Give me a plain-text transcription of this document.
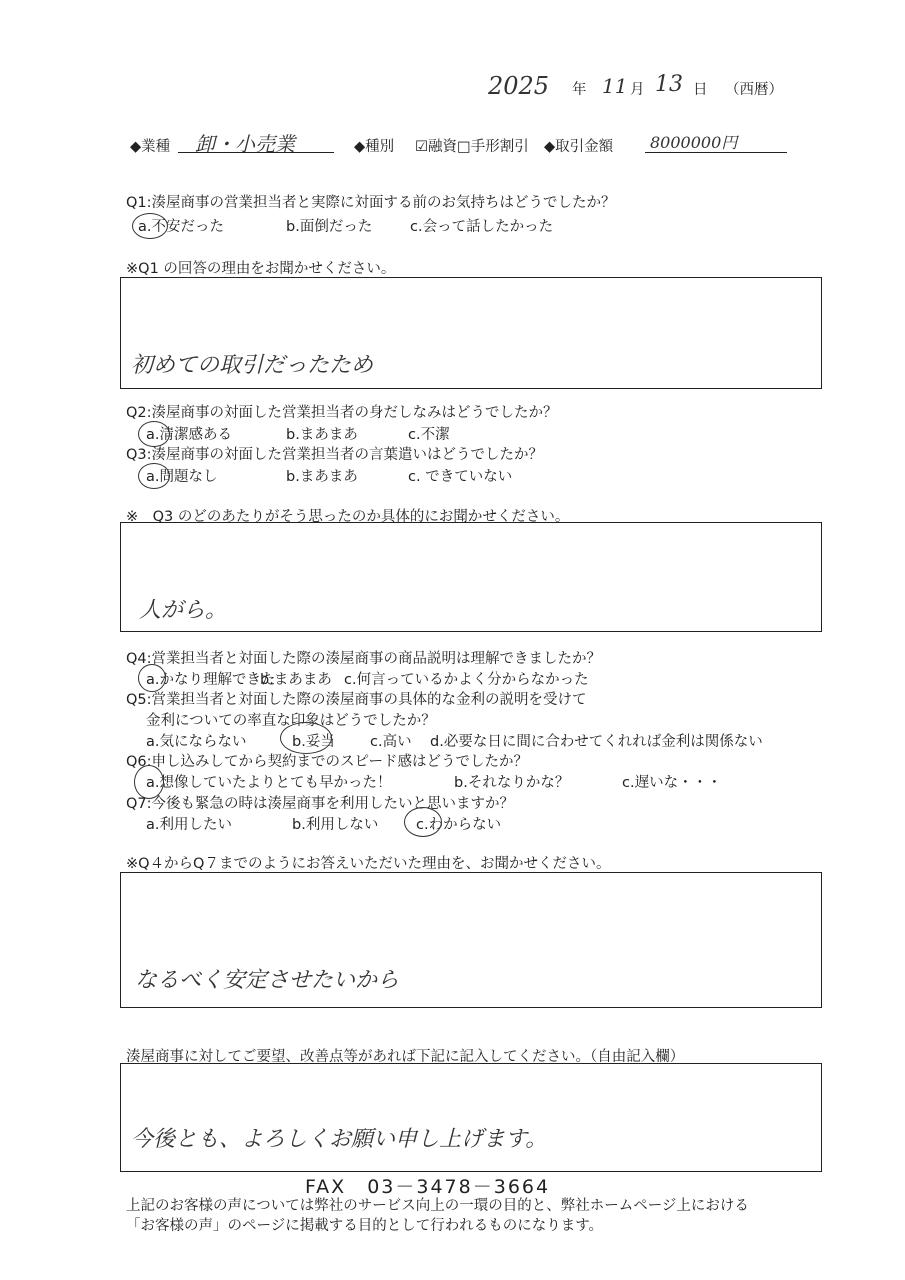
2025 年 11 月 13 日 （西暦）
◆業種 卸・小売業	◆種別 ☑融資□手形割引 ◆取引金額 8000000円
Q1:湊屋商事の営業担当者と実際に対面する前のお気持ちはどうでしたか？
a.不安だった	b.面倒だった	c.会って話したかった
※Q1 の回答の理由をお聞かせください。
初めての取引だったため
Q2:湊屋商事の対面した営業担当者の身だしなみはどうでしたか？
a.清潔感ある	b.まあまあ	c.不潔
Q3:湊屋商事の対面した営業担当者の言葉遣いはどうでしたか？
a.問題なし	b.まあまあ	c. できていない
※　Q3 のどのあたりがそう思ったのか具体的にお聞かせください。
人がら。
Q4:営業担当者と対面した際の湊屋商事の商品説明は理解できましたか？
a.かなり理解できた
b.まあまあ c.何言っているかよく分からなかった
Q5:営業担当者と対面した際の湊屋商事の具体的な金利の説明を受けて
金利についての率直な印象はどうでしたか？
a.気にならない	b.妥当 c.高い d.必要な日に間に合わせてくれれば金利は関係ない
Q6:申し込みしてから契約までのスピード感はどうでしたか？
a.想像していたよりとても早かった！	b.それなりかな？	c.遅いな・・・
Q7:今後も緊急の時は湊屋商事を利用したいと思いますか？
a.利用したい	b.利用しない	c.わからない
※Q４からQ７までのようにお答えいただいた理由を、お聞かせください。
なるべく安定させたいから
湊屋商事に対してご要望、改善点等があれば下記に記入してください。（自由記入欄）
今後とも、よろしくお願い申し上げます。
FAX　03－3478－3664
上記のお客様の声については弊社のサービス向上の一環の目的と、弊社ホームページ上における
「お客様の声」のページに掲載する目的として行われるものになります。
